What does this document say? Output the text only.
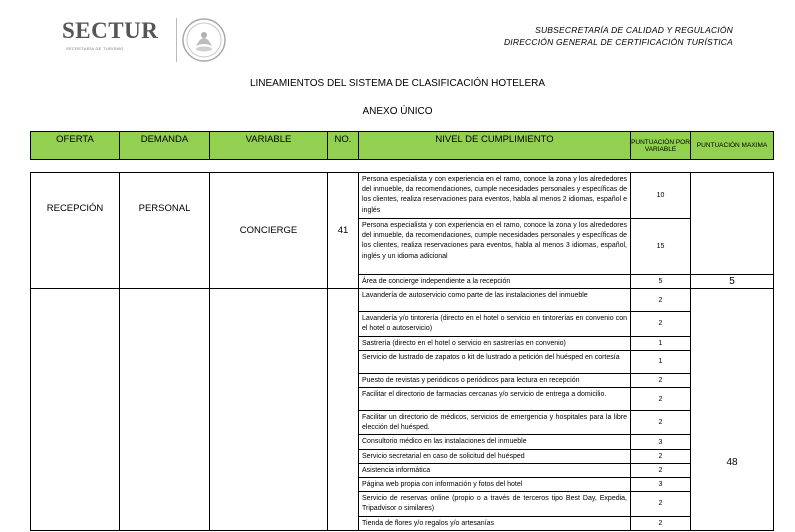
SECTUR
SECRETARÍA DE TURISMO
SUBSECRETARÍA DE CALIDAD Y REGULACIÓN
DIRECCIÓN GENERAL DE CERTIFICACIÓN TURÍSTICA
LINEAMIENTOS DEL SISTEMA DE CLASIFICACIÓN HOTELERA
ANEXO ÚNICO
OFERTA	DEMANDA	VARIABLE	NO.	NIVEL DE CUMPLIMIENTO	PUNTUACIÓN POR VARIABLE	PUNTUACIÓN MAXIMA

RECEPCIÓN	PERSONAL	CONCIERGE	41	Persona especialista y con experiencia en el ramo, conoce la zona y los alrededores del inmueble, da recomendaciones, cumple necesidades personales y específicas de los clientes, realiza reservaciones para eventos, habla al menos 2 idiomas, español e inglés	10	
				Persona especialista y con experiencia en el ramo, conoce la zona y los alrededores del inmueble, da recomendaciones, cumple necesidades personales y específicas de los clientes, realiza reservaciones para eventos, habla al menos 3 idiomas, español, inglés y un idioma adicional	15	
				Área de concierge independiente a la recepción	5	5
				Lavandería de autoservicio como parte de las instalaciones del inmueble	2	48
				Lavandería y/o tintorería (directo en el hotel o servicio en tintorerías en convenio con el hotel o autoservicio)	2	
				Sastrería (directo en el hotel o servicio en sastrerías en convenio)	1	
				Servicio de lustrado de zapatos o kit de lustrado a petición del huésped en cortesía	1	
				Puesto de revistas y periódicos o periódicos para lectura en recepción	2	
				Facilitar el directorio de farmacias cercanas y/o servicio de entrega a domicilio.	2	
				Facilitar un directorio de médicos, servicios de emergencia y hospitales para la libre elección del huésped.	2	
				Consultorio médico en las instalaciones del inmueble	3	
				Servicio secretarial en caso de solicitud del huésped	2	
				Asistencia informática	2	
				Página web propia con información y fotos del hotel	3	
				Servicio de reservas online (propio o a través de terceros tipo Best Day, Expedia, Tripadvisor o similares)	2	
				Tienda de flores y/o regalos y/o artesanías	2	
